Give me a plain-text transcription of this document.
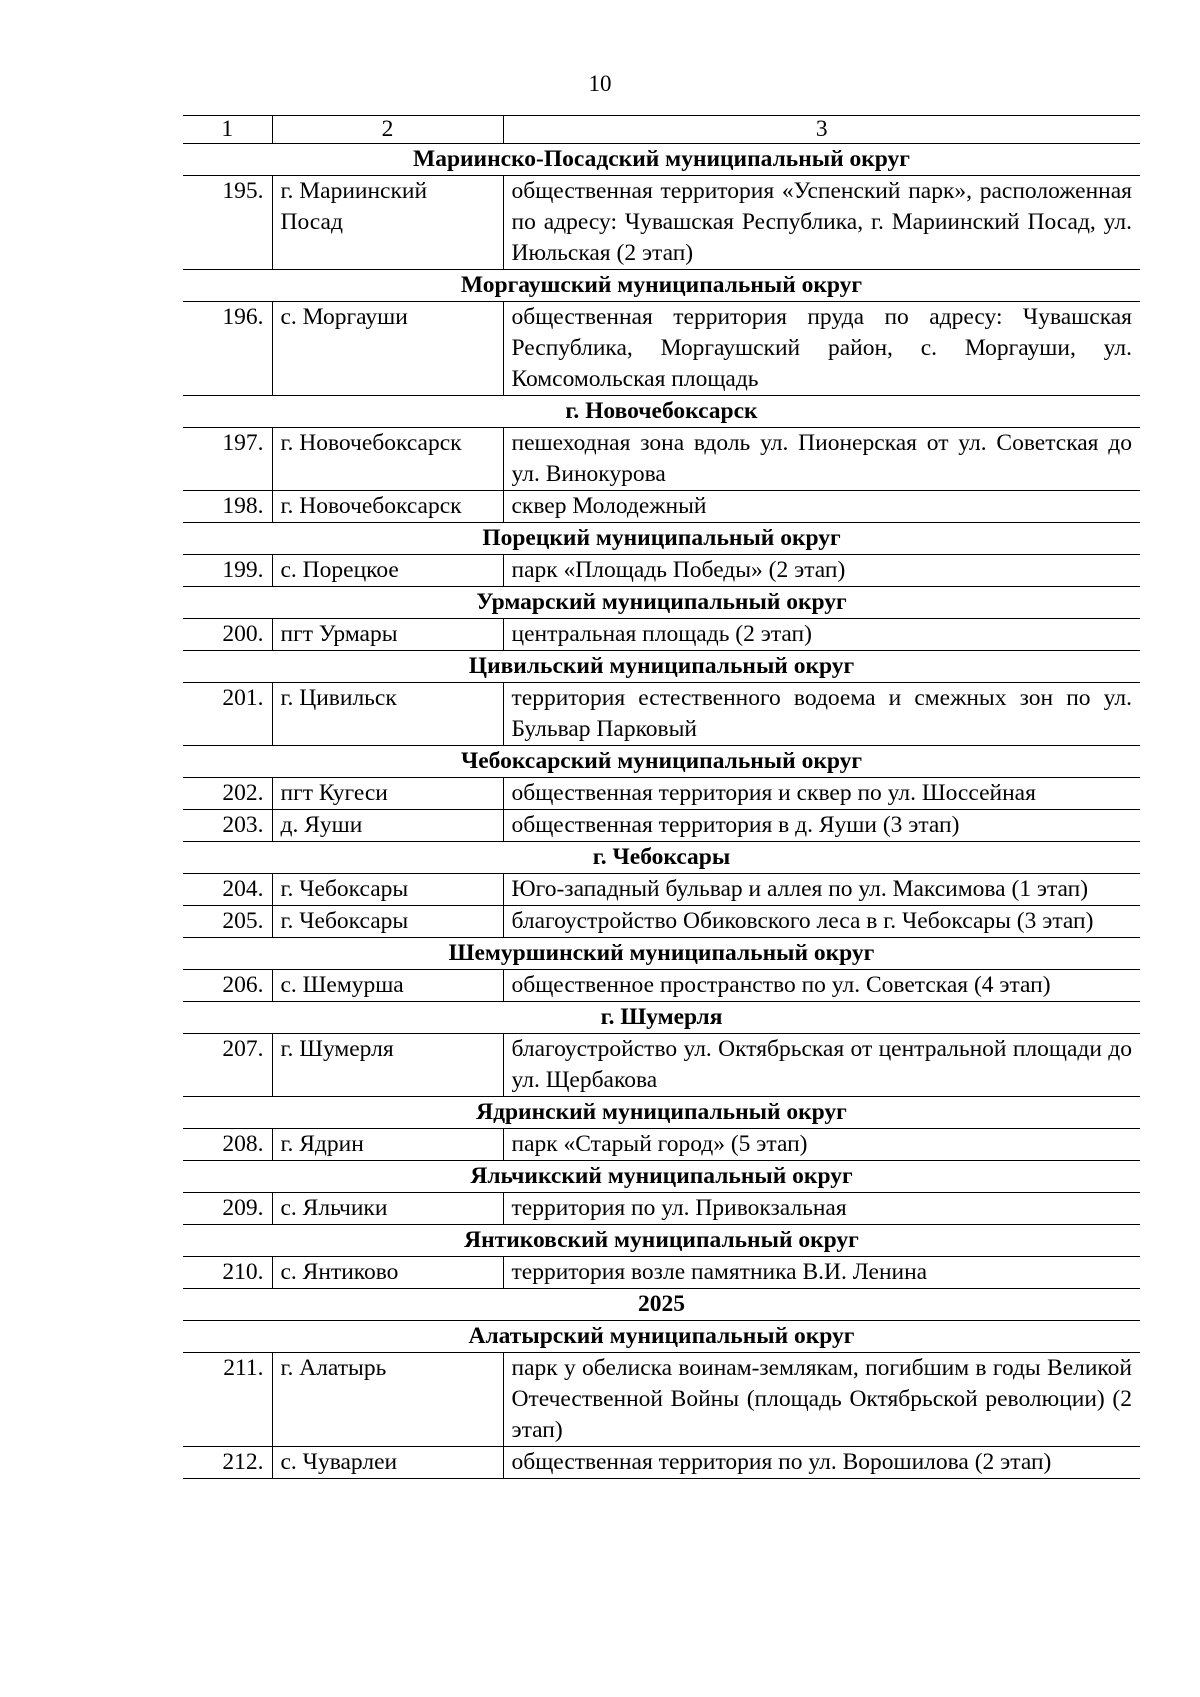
10
1	2	3
Мариинско-Посадский муниципальный округ		
195.	г. Мариинский Посад	общественная территория «Успенский парк», расположенная по адресу: Чувашская Республика, г. Мариинский Посад, ул. Июльская (2 этап)
Моргаушский муниципальный округ		
196.	с. Моргауши	общественная территория пруда по адресу: Чувашская Республика, Моргаушский район, с. Моргауши, ул. Комсомольская площадь
г. Новочебоксарск		
197.	г. Новочебоксарск	пешеходная зона вдоль ул. Пионерская от ул. Советская до ул. Винокурова
198.	г. Новочебоксарск	сквер Молодежный
Порецкий муниципальный округ		
199.	с. Порецкое	парк «Площадь Победы» (2 этап)
Урмарский муниципальный округ		
200.	пгт Урмары	центральная площадь (2 этап)
Цивильский муниципальный округ		
201.	г. Цивильск	территория естественного водоема и смежных зон по ул. Бульвар Парковый
Чебоксарский муниципальный округ		
202.	пгт Кугеси	общественная территория и сквер по ул. Шоссейная
203.	д. Яуши	общественная территория в д. Яуши (3 этап)
г. Чебоксары		
204.	г. Чебоксары	Юго-западный бульвар и аллея по ул. Максимова (1 этап)
205.	г. Чебоксары	благоустройство Обиковского леса в г. Чебоксары (3 этап)
Шемуршинский муниципальный округ		
206.	с. Шемурша	общественное пространство по ул. Советская (4 этап)
г. Шумерля		
207.	г. Шумерля	благоустройство ул. Октябрьская от центральной площади до ул. Щербакова
Ядринский муниципальный округ		
208.	г. Ядрин	парк «Старый город» (5 этап)
Яльчикский муниципальный округ		
209.	с. Яльчики	территория по ул. Привокзальная
Янтиковский муниципальный округ		
210.	с. Янтиково	территория возле памятника В.И. Ленина
2025		
Алатырский муниципальный округ		
211.	г. Алатырь	парк у обелиска воинам-землякам, погибшим в годы Великой Отечественной Войны (площадь Октябрьской революции) (2 этап)
212.	с. Чуварлеи	общественная территория по ул. Ворошилова (2 этап)
